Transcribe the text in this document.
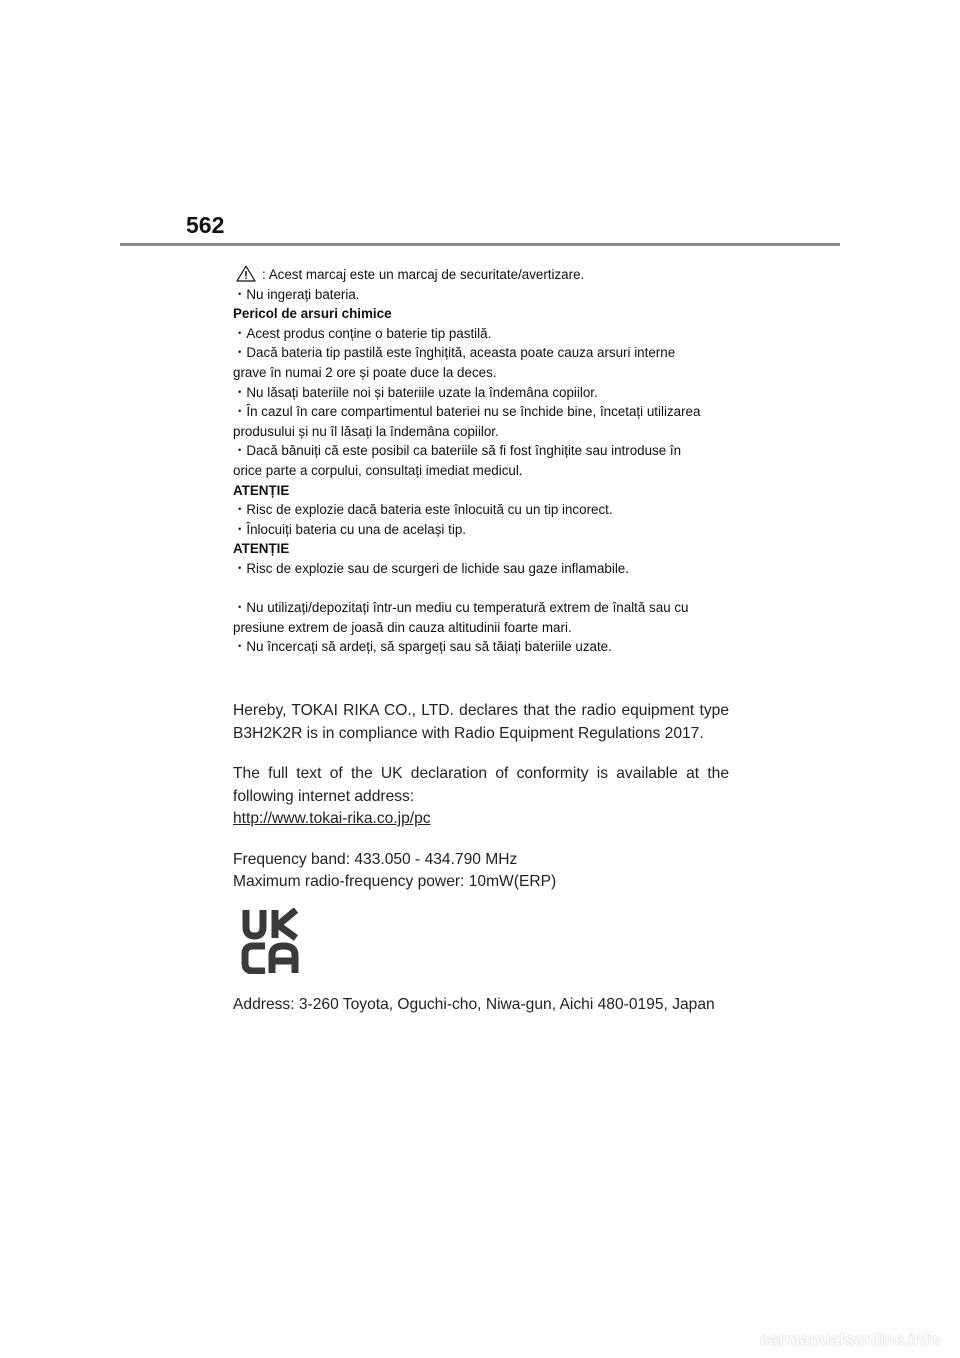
562
: Acest marcaj este un marcaj de securitate/avertizare.
・Nu ingerați bateria.
Pericol de arsuri chimice
・Acest produs conține o baterie tip pastilă.
・Dacă bateria tip pastilă este înghițită, aceasta poate cauza arsuri interne
grave în numai 2 ore și poate duce la deces.
・Nu lăsați bateriile noi și bateriile uzate la îndemâna copiilor.
・În cazul în care compartimentul bateriei nu se închide bine, încetați utilizarea
produsului și nu îl lăsați la îndemâna copiilor.
・Dacă bănuiți că este posibil ca bateriile să fi fost înghițite sau introduse în
orice parte a corpului, consultați imediat medicul.
ATENȚIE
・Risc de explozie dacă bateria este înlocuită cu un tip incorect.
・Înlocuiți bateria cu una de același tip.
ATENȚIE
・Risc de explozie sau de scurgeri de lichide sau gaze inflamabile.
・Nu utilizați/depozitați într-un mediu cu temperatură extrem de înaltă sau cu
presiune extrem de joasă din cauza altitudinii foarte mari.
・Nu încercați să ardeți, să spargeți sau să tăiați bateriile uzate.

Hereby, TOKAI RIKA CO., LTD. declares that the radio equipment type

B3H2K2R is in compliance with Radio Equipment Regulations 2017.

The full text of the UK declaration of conformity is available at the

following internet address:

http://www.tokai-rika.co.jp/pc

Frequency band: 433.050 - 434.790 MHz

Maximum radio-frequency power: 10mW(ERP)

Address: 3-260 Toyota, Oguchi-cho, Niwa-gun, Aichi 480-0195, Japan
carmanualsonline.info
